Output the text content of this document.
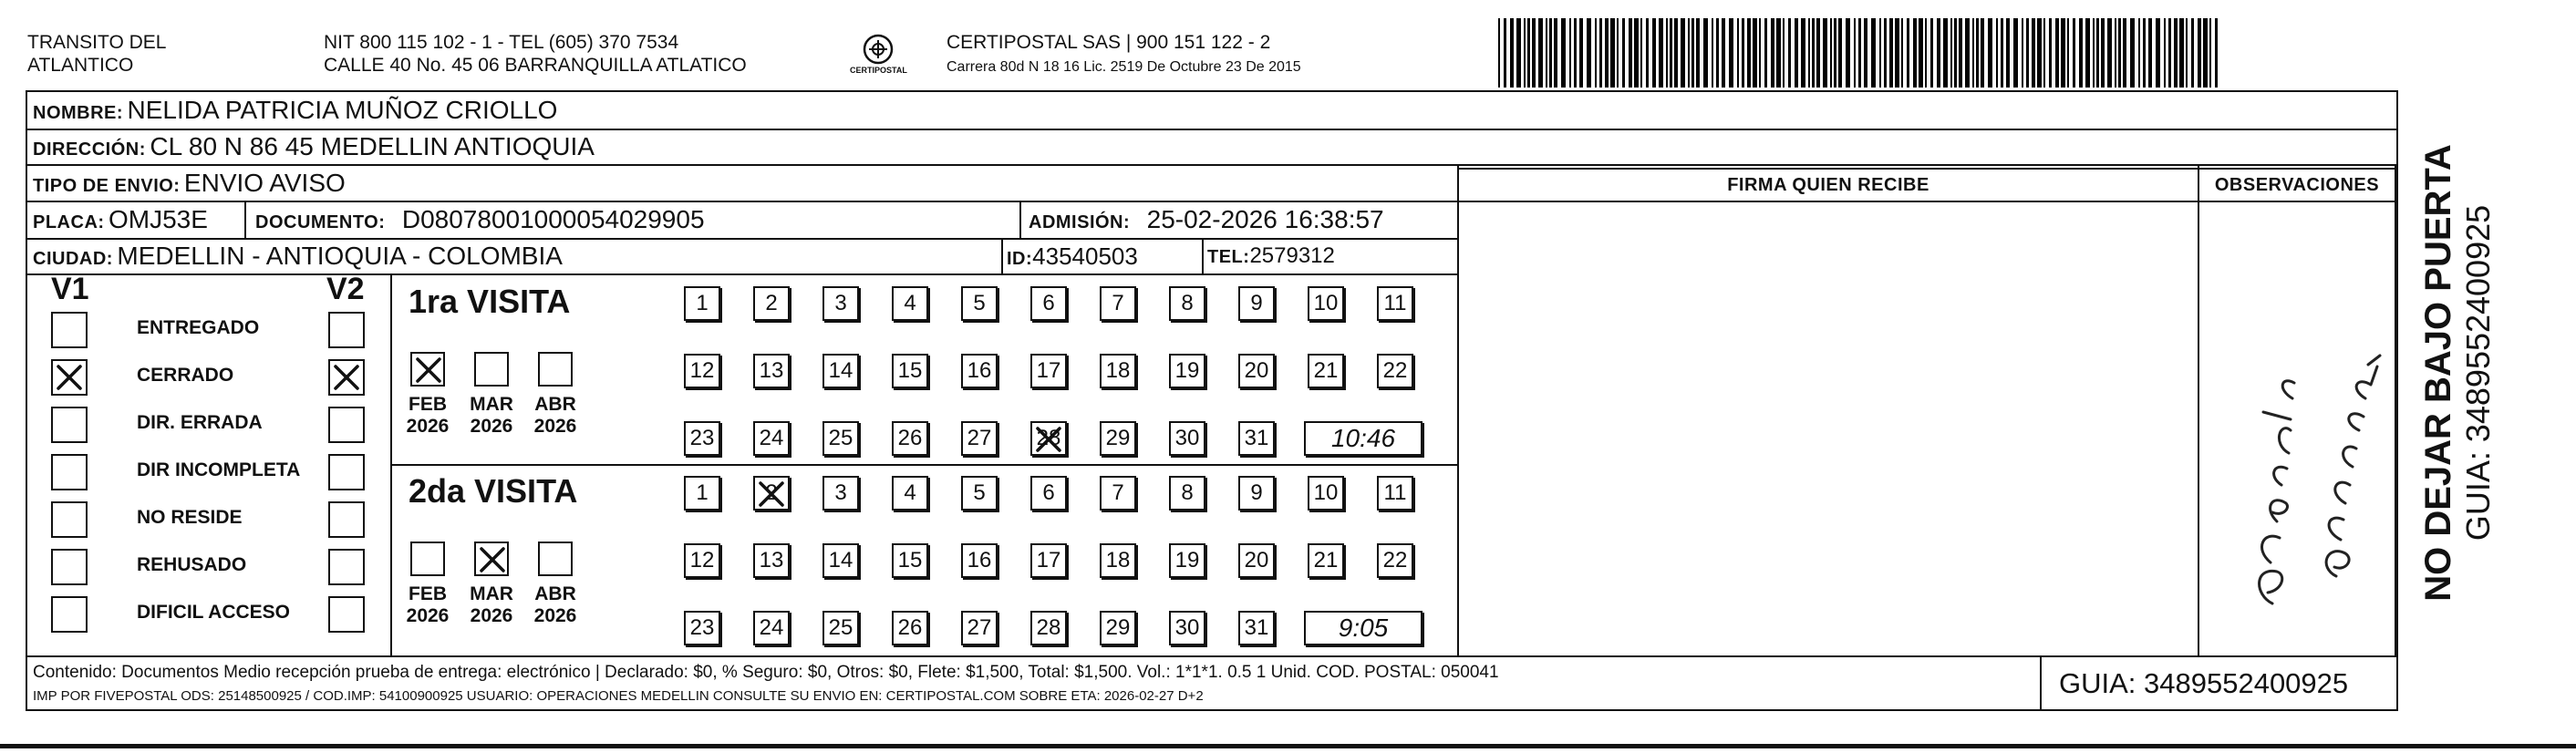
TRANSITO DEL
ATLANTICO
NIT 800 115 102 - 1 - TEL (605) 370 7534
CALLE 40 No. 45 06 BARRANQUILLA ATLATICO	CERTIPOSTAL
CERTIPOSTAL SAS | 900 151 122 - 2
Carrera 80d N 18 16 Lic. 2519 De Octubre 23 De 2015
NOMBRE: NELIDA PATRICIA MUÑOZ CRIOLLO
DIRECCIÓN: CL 80 N 86 45 MEDELLIN ANTIOQUIA
TIPO DE ENVIO: ENVIO AVISO	FIRMA QUIEN RECIBE	OBSERVACIONES
PLACA: OMJ53E	DOCUMENTO: D08078001000054029905	ADMISIÓN: 25-02-2026 16:38:57
CIUDAD: MEDELLIN - ANTIOQUIA - COLOMBIA	ID:43540503	TEL:2579312
V1	V2
ENTREGADO
CERRADO
DIR. ERRADA
DIR INCOMPLETA
NO RESIDE
REHUSADO
DIFICIL ACCESO
1ra VISITA
FEB
2026
MAR
2026
ABR
2026
1	2	3	4	5	6	7	8	9	10	11
12 13 14 15 16 17 18 19 20 21 22
23 24 25 26 27 28 29 30 31	10:46
2da VISITA
FEB
2026
MAR
2026
ABR
2026
1	2	3	4	5	6	7	8	9	10	11
12 13 14 15 16 17 18 19 20 21 22
23 24 25 26 27 28 29 30 31	9:05
NO DEJAR BAJO PUERTA GUIA: 3489552400925
Contenido: Documentos Medio recepción prueba de entrega: electrónico | Declarado: $0, % Seguro: $0, Otros: $0, Flete: $1,500, Total: $1,500. Vol.: 1*1*1. 0.5 1 Unid. COD. POSTAL: 050041
IMP POR FIVEPOSTAL ODS: 25148500925 / COD.IMP: 54100900925 USUARIO: OPERACIONES MEDELLIN CONSULTE SU ENVIO EN: CERTIPOSTAL.COM SOBRE ETA: 2026-02-27 D+2	GUIA: 3489552400925
